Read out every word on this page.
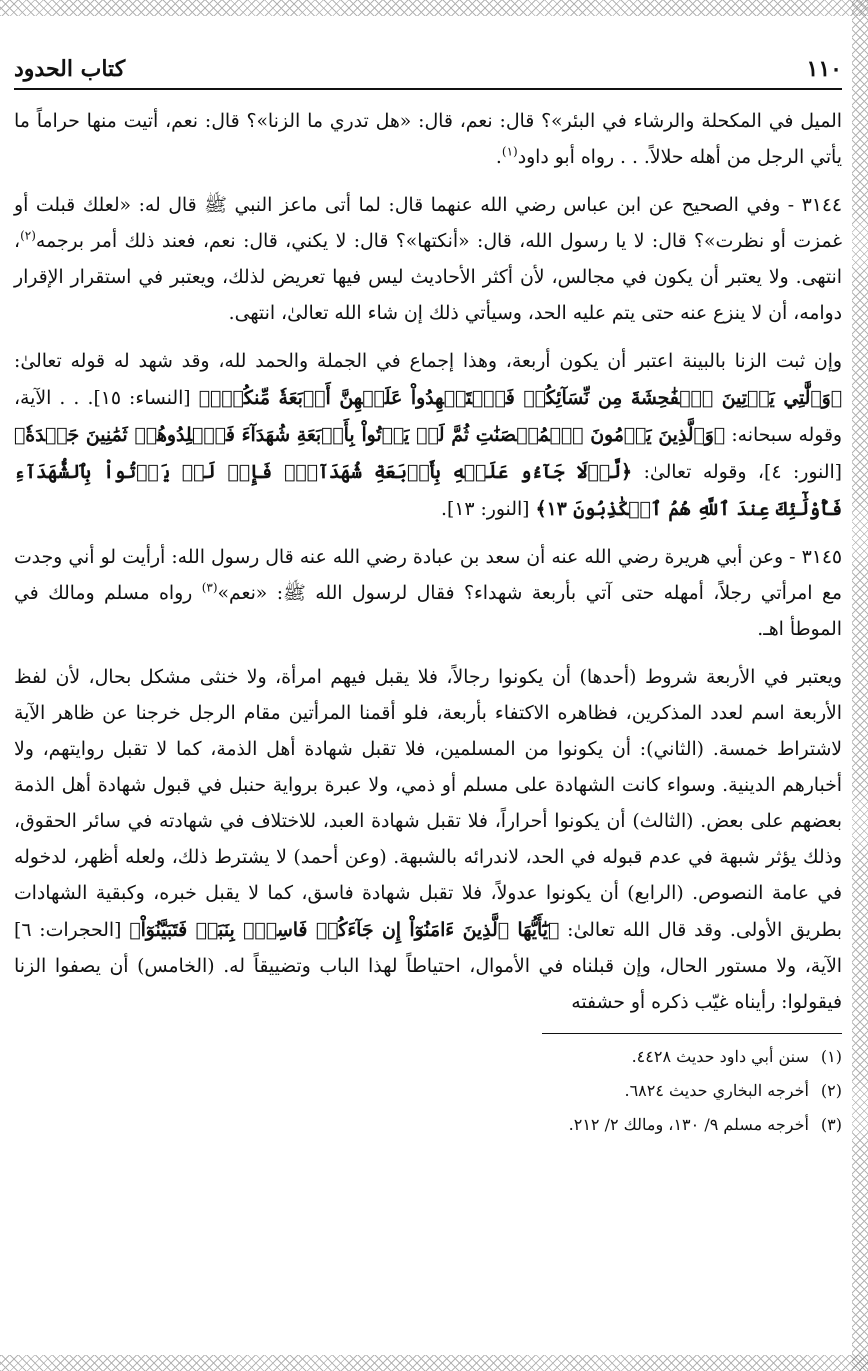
١١٠
كتاب الحدود

الميل في المكحلة والرشاء في البئر»؟ قال: نعم، قال: «هل تدري ما الزنا»؟ قال: نعم، أتيت منها حراماً ما يأتي الرجل من أهله حلالاً. . . رواه أبو داود$^{(١)}$.

٣١٤٤ - وفي الصحيح عن ابن عباس رضي الله عنهما قال: لما أتى ماعز النبي ﷺ قال له: «لعلك قبلت أو غمزت أو نظرت»؟ قال: لا يا رسول الله، قال: «أنكتها»؟ قال: لا يكني، قال: نعم، فعند ذلك أمر برجمه$^{(٢)}$، انتهى. ولا يعتبر أن يكون في مجالس، لأن أكثر الأحاديث ليس فيها تعريض لذلك، ويعتبر في استقرار الإقرار دوامه، أن لا ينزع عنه حتى يتم عليه الحد، وسيأتي ذلك إن شاء الله تعالىٰ، انتهى.

وإن ثبت الزنا بالبينة اعتبر أن يكون أربعة، وهذا إجماع في الجملة والحمد لله، وقد شهد له قوله تعالىٰ: ﴿وَٱلَّٰتِي يَأۡتِينَ ٱلۡفَٰحِشَةَ مِن نِّسَآئِكُمۡ فَٱسۡتَشۡهِدُواْ عَلَيۡهِنَّ أَرۡبَعَةٗ مِّنكُمۡۖ﴾ [النساء: ١٥]. . . الآية، وقوله سبحانه: ﴿وَٱلَّذِينَ يَرۡمُونَ ٱلۡمُحۡصَنَٰتِ ثُمَّ لَمۡ يَأۡتُواْ بِأَرۡبَعَةِ شُهَدَآءَ فَٱجۡلِدُوهُمۡ ثَمَٰنِينَ جَلۡدَةٗ﴾ [النور: ٤]، وقوله تعالىٰ: ﴿لَّوۡلَا جَآءُو عَلَيۡهِ بِأَرۡبَعَةِ شُهَدَآءَۚ فَإِذۡ لَمۡ يَأۡتُواْ بِٱلشُّهَدَآءِ فَأُوْلَٰٓئِكَ عِندَ ٱللَّهِ هُمُ ٱلۡكَٰذِبُونَ ١٣﴾ [النور: ١٣].

٣١٤٥ - وعن أبي هريرة رضي الله عنه أن سعد بن عبادة رضي الله عنه قال رسول الله: أرأيت لو أني وجدت مع امرأتي رجلاً، أمهله حتى آتي بأربعة شهداء؟ فقال لرسول الله ﷺ: «نعم»$^{(٣)}$ رواه مسلم ومالك في الموطأ اهـ.

ويعتبر في الأربعة شروط (أحدها) أن يكونوا رجالاً، فلا يقبل فيهم امرأة، ولا خنثى مشكل بحال، لأن لفظ الأربعة اسم لعدد المذكرين، فظاهره الاكتفاء بأربعة، فلو أقمنا المرأتين مقام الرجل خرجنا عن ظاهر الآية لاشتراط خمسة. (الثاني): أن يكونوا من المسلمين، فلا تقبل شهادة أهل الذمة، كما لا تقبل روايتهم، ولا أخبارهم الدينية. وسواء كانت الشهادة على مسلم أو ذمي، ولا عبرة برواية حنبل في قبول شهادة أهل الذمة بعضهم على بعض. (الثالث) أن يكونوا أحراراً، فلا تقبل شهادة العبد، للاختلاف في شهادته في سائر الحقوق، وذلك يؤثر شبهة في عدم قبوله في الحد، لاندرائه بالشبهة. (وعن أحمد) لا يشترط ذلك، ولعله أظهر، لدخوله في عامة النصوص. (الرابع) أن يكونوا عدولاً، فلا تقبل شهادة فاسق، كما لا يقبل خبره، وكبقية الشهادات بطريق الأولى. وقد قال الله تعالىٰ: ﴿يَٰٓأَيُّهَا ٱلَّذِينَ ءَامَنُوٓاْ إِن جَآءَكُمۡ فَاسِقُۢ بِنَبَإٖ فَتَبَيَّنُوٓاْ﴾ [الحجرات: ٦] الآية، ولا مستور الحال، وإن قبلناه في الأموال، احتياطاً لهذا الباب وتضييقاً له. (الخامس) أن يصفوا الزنا فيقولوا: رأيناه غيّب ذكره أو حشفته

(١)
سنن أبي داود حديث ٤٤٢٨.
(٢)
أخرجه البخاري حديث ٦٨٢٤.
(٣)
أخرجه مسلم ٩/ ١٣٠، ومالك ٢/ ٢١٢.
